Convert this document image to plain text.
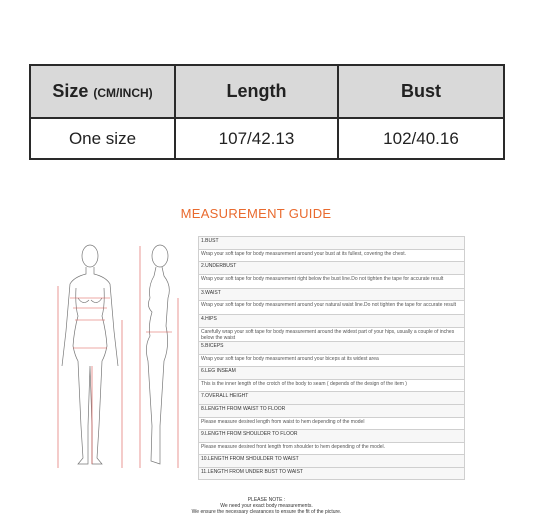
Size (CM/INCH)	Length	Bust
One size	107/42.13	102/40.16
MEASUREMENT GUIDE
1.BUST
Wrap your soft tape for body measurement around your bust at its fullest, covering the chest.
2.UNDERBUST
Wrap your soft tape for body measurement right below the bust line.Do not tighten the tape for accurate result
3.WAIST
Wrap your soft tape for body measurement around your natural waist line.Do not tighten the tape for accurate result
4.HIPS
Carefully wrap your soft tape for body measurement around the widest part of your hips, usually a couple of inches below the waist
5.BICEPS
Wrap your soft tape for body measurement around your biceps at its widest area
6.LEG INSEAM
This is the inner length of the crotch of the body to seam ( depends of the design of the item )
7.OVERALL HEIGHT
8.LENGTH FROM WAIST TO FLOOR
Please measure desired length from waist to hem depending of the model
9.LENGTH FROM SHOULDER TO FLOOR
Please measure desired front length from shoulder to hem depending of the model.
10.LENGTH FROM SHOULDER TO WAIST
11.LENGTH FROM UNDER BUST TO WAIST
PLEASE NOTE :
We need your exact body measurements.
We ensure the necessary clearances to ensure the fit of the picture.
